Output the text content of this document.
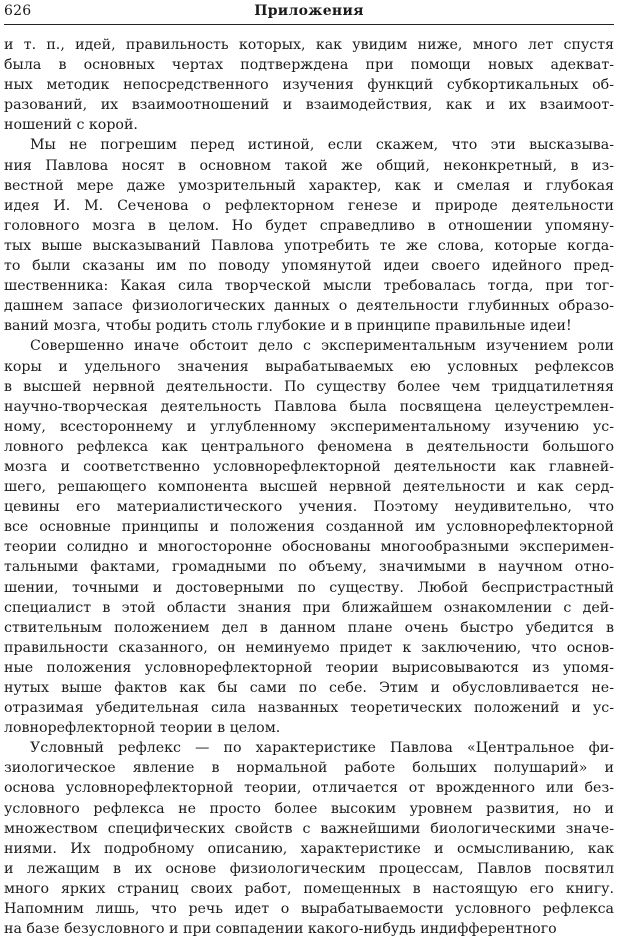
626	Приложения
и т. п., идей, правильность которых, как увидим ниже, много лет спустя
была в основных чертах подтверждена при помощи новых адекват-
ных методик непосредственного изучения функций субкортикальных об-
разований, их взаимоотношений и взаимодействия, как и их взаимоот-
ношений с корой.
Мы не погрешим перед истиной, если скажем, что эти высказыва-
ния Павлова носят в основном такой же общий, неконкретный, в из-
вестной мере даже умозрительный характер, как и смелая и глубокая
идея И. М. Сеченова о рефлекторном генезе и природе деятельности
головного мозга в целом. Но будет справедливо в отношении упомяну-
тых выше высказываний Павлова употребить те же слова, которые когда-
то были сказаны им по поводу упомянутой идеи своего идейного пред-
шественника: Какая сила творческой мысли требовалась тогда, при тог-
дашнем запасе физиологических данных о деятельности глубинных образо-
ваний мозга, чтобы родить столь глубокие и в принципе правильные идеи!
Совершенно иначе обстоит дело с экспериментальным изучением роли
коры и удельного значения вырабатываемых ею условных рефлексов
в высшей нервной деятельности. По существу более чем тридцатилетняя
научно-творческая деятельность Павлова была посвящена целеустремлен-
ному, всестороннему и углубленному экспериментальному изучению ус-
ловного рефлекса как центрального феномена в деятельности большого
мозга и соответственно условнорефлекторной деятельности как главней-
шего, решающего компонента высшей нервной деятельности и как серд-
цевины его материалистического учения. Поэтому неудивительно, что
все основные принципы и положения созданной им условнорефлекторной
теории солидно и многосторонне обоснованы многообразными эксперимен-
тальными фактами, громадными по объему, значимыми в научном отно-
шении, точными и достоверными по существу. Любой беспристрастный
специалист в этой области знания при ближайшем ознакомлении с дей-
ствительным положением дел в данном плане очень быстро убедится в
правильности сказанного, он неминуемо придет к заключению, что основ-
ные положения условнорефлекторной теории вырисовываются из упомя-
нутых выше фактов как бы сами по себе. Этим и обусловливается не-
отразимая убедительная сила названных теоретических положений и ус-
ловнорефлекторной теории в целом.
Условный рефлекс — по характеристике Павлова «Центральное фи-
зиологическое явление в нормальной работе больших полушарий» и
основа условнорефлекторной теории, отличается от врожденного или без-
условного рефлекса не просто более высоким уровнем развития, но и
множеством специфических свойств с важнейшими биологическими значе-
ниями. Их подробному описанию, характеристике и осмысливанию, как
и лежащим в их основе физиологическим процессам, Павлов посвятил
много ярких страниц своих работ, помещенных в настоящую его книгу.
Напомним лишь, что речь идет о вырабатываемости условного рефлекса
на базе безусловного и при совпадении какого-нибудь индифферентного
